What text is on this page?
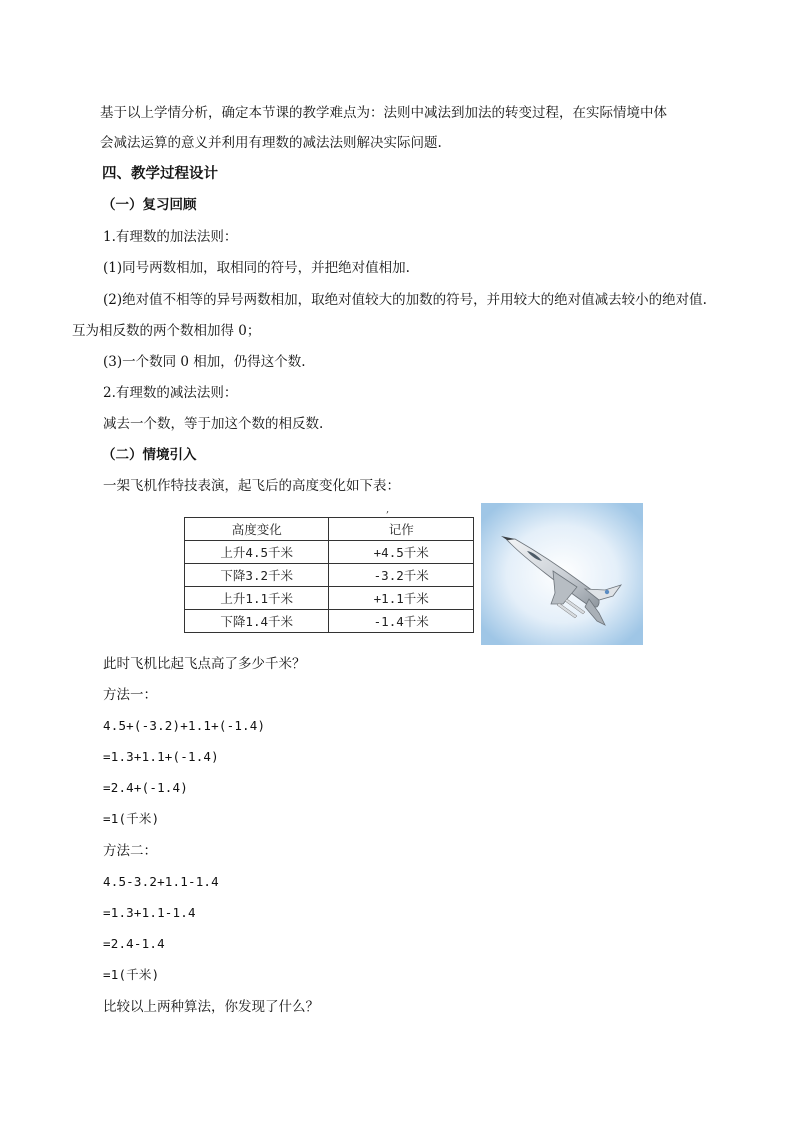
基于以上学情分析，确定本节课的教学难点为：法则中减法到加法的转变过程，在实际情境中体
会减法运算的意义并利用有理数的减法法则解决实际问题.
四、教学过程设计
（一）复习回顾
1.有理数的加法法则：
(1)同号两数相加，取相同的符号，并把绝对值相加.
(2)绝对值不相等的异号两数相加，取绝对值较大的加数的符号，并用较大的绝对值减去较小的绝对值.
互为相反数的两个数相加得 0；
(3)一个数同 0 相加，仍得这个数.
2.有理数的减法法则：
减去一个数，等于加这个数的相反数.
（二）情境引入
一架飞机作特技表演，起飞后的高度变化如下表：
,
高度变化	记作
上升4.5千米	+4.5千米
下降3.2千米	-3.2千米
上升1.1千米	+1.1千米
下降1.4千米	-1.4千米
此时飞机比起飞点高了多少千米？
方法一：
4.5+(-3.2)+1.1+(-1.4)
=1.3+1.1+(-1.4)
=2.4+(-1.4)
=1(千米)
方法二：
4.5-3.2+1.1-1.4
=1.3+1.1-1.4
=2.4-1.4
=1(千米)
比较以上两种算法，你发现了什么？
